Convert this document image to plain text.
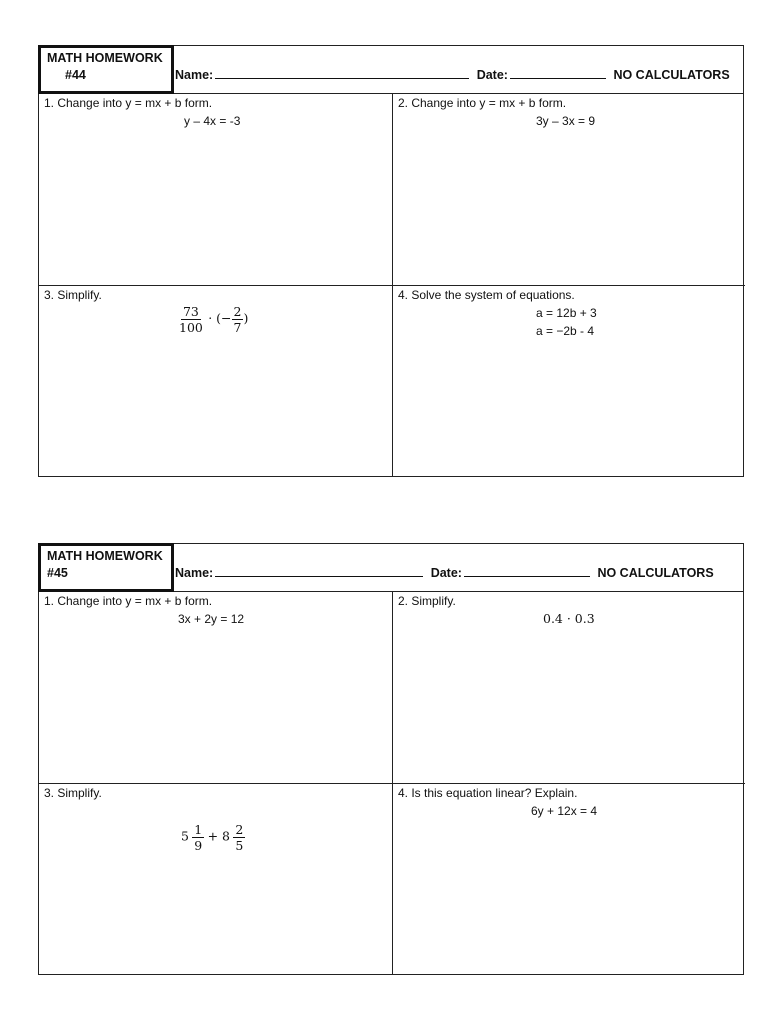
MATH HOMEWORK
#44	Name:	Date:	NO CALCULATORS
1. Change into y = mx + b form.
y – 4x = -3
2. Change into y = mx + b form.
3y – 3x = 9
3. Simplify.
$\frac{73}{100}$ · (− $\frac{2}{7}$ )
4. Solve the system of equations.
a = 12b + 3
a = −2b - 4
MATH HOMEWORK
#45	Name:	Date:	NO CALCULATORS
1. Change into y = mx + b form.
3x + 2y = 12
2. Simplify.
0.4 · 0.3
3. Simplify.
$5 \frac{1}{9} + 8 \frac{2}{5}$
4. Is this equation linear? Explain.
6y + 12x = 4
